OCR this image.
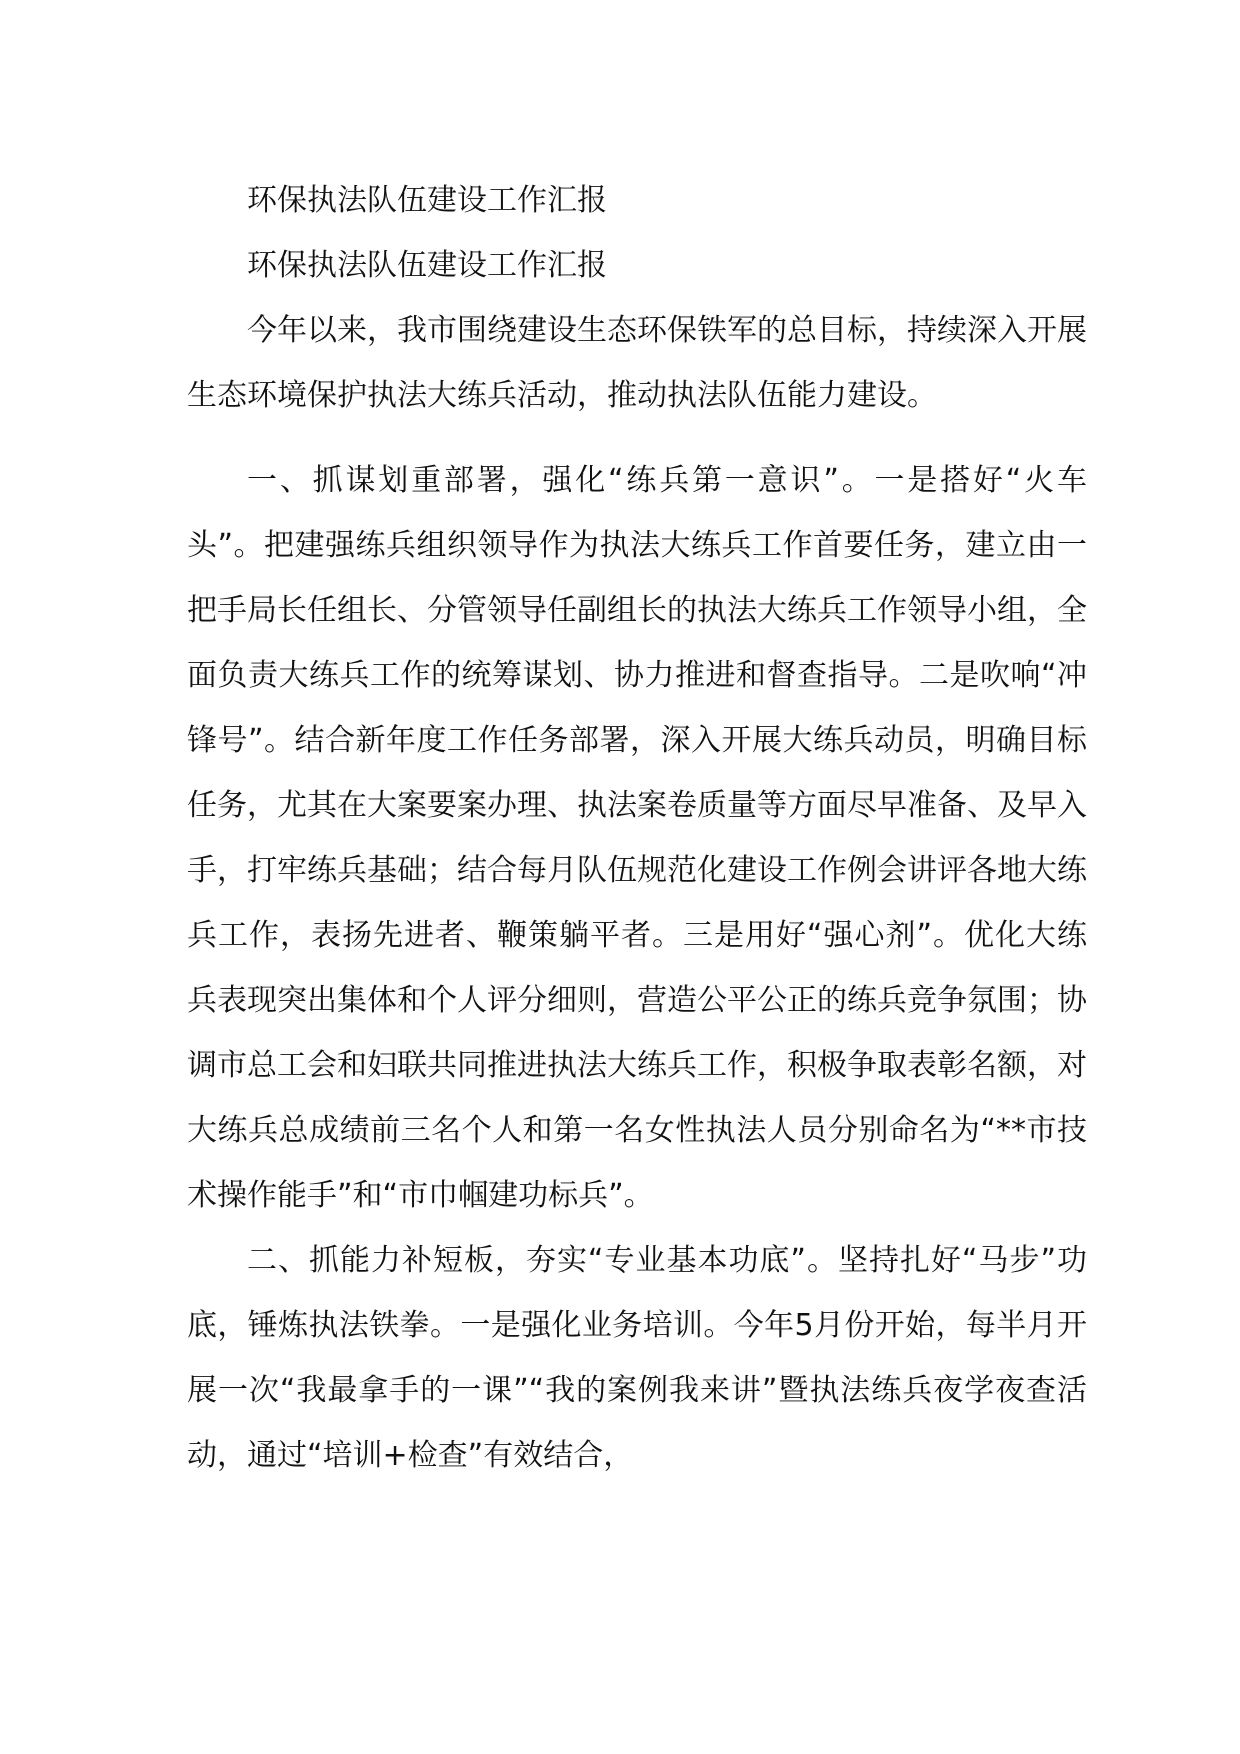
环保执法队伍建设工作汇报

环保执法队伍建设工作汇报

今年以来，我市围绕建设生态环保铁军的总目标，持续深入开展生态环境保护执法大练兵活动，推动执法队伍能力建设。

一、抓谋划重部署，强化“练兵第一意识”。一是搭好“火车头”。把建强练兵组织领导作为执法大练兵工作首要任务，建立由一把手局长任组长、分管领导任副组长的执法大练兵工作领导小组，全面负责大练兵工作的统筹谋划、协力推进和督查指导。二是吹响“冲锋号”。结合新年度工作任务部署，深入开展大练兵动员，明确目标任务，尤其在大案要案办理、执法案卷质量等方面尽早准备、及早入手，打牢练兵基础；结合每月队伍规范化建设工作例会讲评各地大练兵工作，表扬先进者、鞭策躺平者。三是用好“强心剂”。优化大练兵表现突出集体和个人评分细则，营造公平公正的练兵竞争氛围；协调市总工会和妇联共同推进执法大练兵工作，积极争取表彰名额，对大练兵总成绩前三名个人和第一名女性执法人员分别命名为“**市技术操作能手”和“市巾帼建功标兵”。

二、抓能力补短板，夯实“专业基本功底”。坚持扎好“马步”功底，锤炼执法铁拳。一是强化业务培训。今年5月份开始，每半月开展一次“我最拿手的一课”“我的案例我来讲”暨执法练兵夜学夜查活动，通过“培训+检查”有效结合，
